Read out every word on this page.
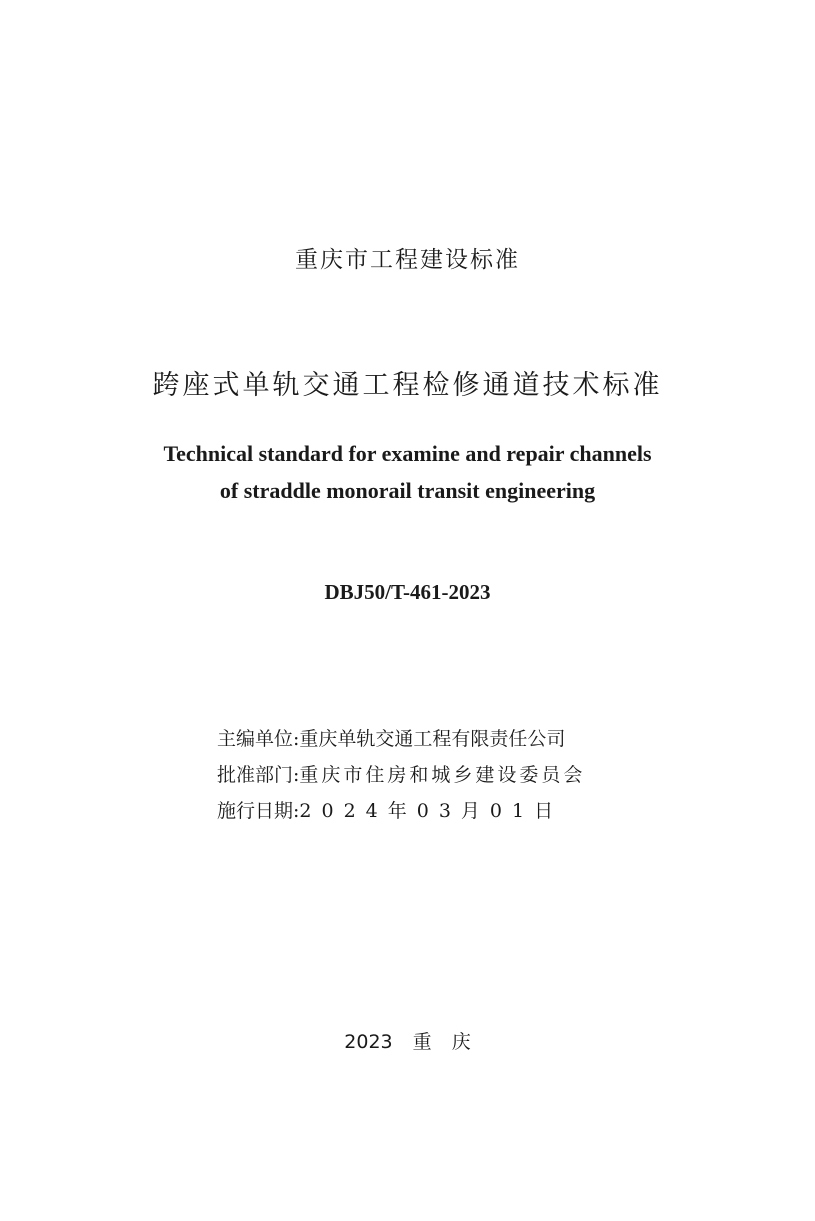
重庆市工程建设标准
跨座式单轨交通工程检修通道技术标准
Technical standard for examine and repair channels
of straddle monorail transit engineering
DBJ50/T-461-2023
主编单位:重庆单轨交通工程有限责任公司
批准部门:重庆市住房和城乡建设委员会
施行日期:2024年03月01日
2023 重 庆
